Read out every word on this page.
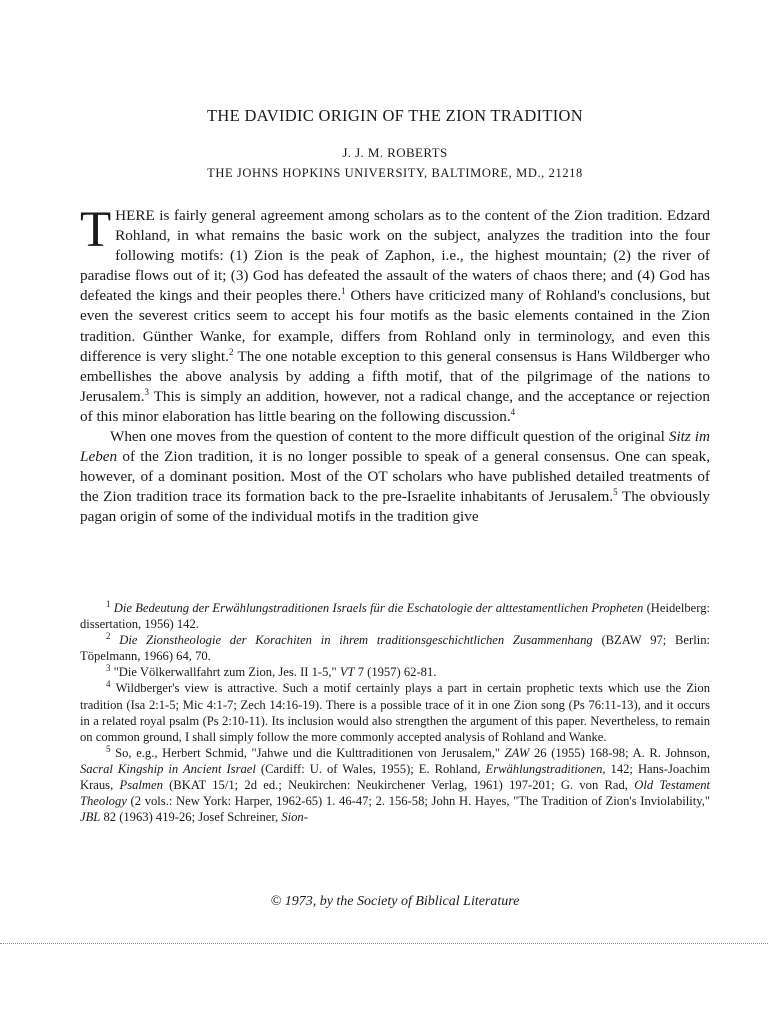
THE DAVIDIC ORIGIN OF THE ZION TRADITION
J. J. M. ROBERTS
THE JOHNS HOPKINS UNIVERSITY, BALTIMORE, MD., 21218

THERE is fairly general agreement among scholars as to the content of the Zion tradition. Edzard Rohland, in what remains the basic work on the subject, analyzes the tradition into the four following motifs: (1) Zion is the peak of Zaphon, i.e., the highest mountain; (2) the river of paradise flows out of it; (3) God has defeated the assault of the waters of chaos there; and (4) God has defeated the kings and their peoples there.$^1$ Others have criticized many of Rohland's conclusions, but even the severest critics seem to accept his four motifs as the basic elements contained in the Zion tradition. Günther Wanke, for example, differs from Rohland only in terminology, and even this difference is very slight.$^2$ The one notable exception to this general consensus is Hans Wildberger who embellishes the above analysis by adding a fifth motif, that of the pilgrimage of the nations to Jerusalem.$^3$ This is simply an addition, however, not a radical change, and the acceptance or rejection of this minor elaboration has little bearing on the following discussion.$^4$

When one moves from the question of content to the more difficult question of the original Sitz im Leben of the Zion tradition, it is no longer possible to speak of a general consensus. One can speak, however, of a dominant position. Most of the OT scholars who have published detailed treatments of the Zion tradition trace its formation back to the pre-Israelite inhabitants of Jerusalem.$^5$ The obviously pagan origin of some of the individual motifs in the tradition give

$^1$ Die Bedeutung der Erwählungstraditionen Israels für die Eschatologie der alttestamentlichen Propheten (Heidelberg: dissertation, 1956) 142.

$^2$ Die Zionstheologie der Korachiten in ihrem traditionsgeschichtlichen Zusammenhang (BZAW 97; Berlin: Töpelmann, 1966) 64, 70.

$^3$ "Die Völkerwallfahrt zum Zion, Jes. II 1-5," VT 7 (1957) 62-81.

$^4$ Wildberger's view is attractive. Such a motif certainly plays a part in certain prophetic texts which use the Zion tradition (Isa 2:1-5; Mic 4:1-7; Zech 14:16-19). There is a possible trace of it in one Zion song (Ps 76:11-13), and it occurs in a related royal psalm (Ps 2:10-11). Its inclusion would also strengthen the argument of this paper. Nevertheless, to remain on common ground, I shall simply follow the more commonly accepted analysis of Rohland and Wanke.

$^5$ So, e.g., Herbert Schmid, "Jahwe und die Kulttraditionen von Jerusalem," ZAW 26 (1955) 168-98; A. R. Johnson, Sacral Kingship in Ancient Israel (Cardiff: U. of Wales, 1955); E. Rohland, Erwählungstraditionen, 142; Hans-Joachim Kraus, Psalmen (BKAT 15/1; 2d ed.; Neukirchen: Neukirchener Verlag, 1961) 197-201; G. von Rad, Old Testament Theology (2 vols.: New York: Harper, 1962-65) 1. 46-47; 2. 156-58; John H. Hayes, "The Tradition of Zion's Inviolability," JBL 82 (1963) 419-26; Josef Schreiner, Sion-

© 1973, by the Society of Biblical Literature
